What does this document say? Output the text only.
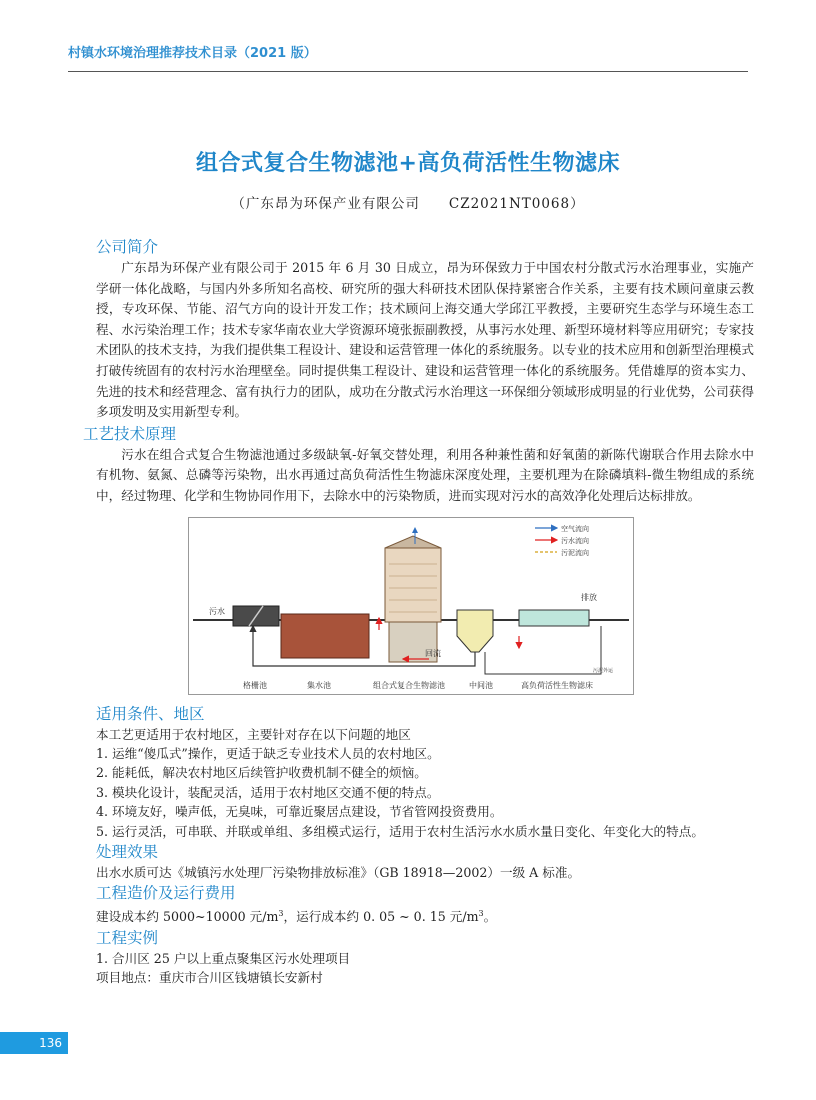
村镇水环境治理推荐技术目录（2021 版）
组合式复合生物滤池+高负荷活性生物滤床
（广东昂为环保产业有限公司　　CZ2021NT0068）
公司简介

广东昂为环保产业有限公司于 2015 年 6 月 30 日成立，昂为环保致力于中国农村分散式污水治理事业，实施产学研一体化战略，与国内外多所知名高校、研究所的强大科研技术团队保持紧密合作关系，主要有技术顾问童康云教授，专攻环保、节能、沼气方向的设计开发工作；技术顾问上海交通大学邱江平教授，主要研究生态学与环境生态工程、水污染治理工作；技术专家华南农业大学资源环境张振副教授，从事污水处理、新型环境材料等应用研究；专家技术团队的技术支持，为我们提供集工程设计、建设和运营管理一体化的系统服务。以专业的技术应用和创新型治理模式打破传统固有的农村污水治理壁垒。同时提供集工程设计、建设和运营管理一体化的系统服务。凭借雄厚的资本实力、先进的技术和经营理念、富有执行力的团队，成功在分散式污水治理这一环保细分领域形成明显的行业优势，公司获得多项发明及实用新型专利。

工艺技术原理

污水在组合式复合生物滤池通过多级缺氧-好氧交替处理，利用各种兼性菌和好氧菌的新陈代谢联合作用去除水中有机物、氨氮、总磷等污染物，出水再通过高负荷活性生物滤床深度处理，主要机理为在除磷填料-微生物组成的系统中，经过物理、化学和生物协同作用下，去除水中的污染物质，进而实现对污水的高效净化处理后达标排放。

空气流向
污水流向
污泥流向
污水
排放
回流
污泥外运
格栅池	集水池	组合式复合生物滤池	中间池	高负荷活性生物滤床
适用条件、地区
本工艺更适用于农村地区，主要针对存在以下问题的地区
1. 运维“傻瓜式”操作，更适于缺乏专业技术人员的农村地区。
2. 能耗低，解决农村地区后续管护收费机制不健全的烦恼。
3. 模块化设计，装配灵活，适用于农村地区交通不便的特点。
4. 环境友好，噪声低，无臭味，可靠近聚居点建设，节省管网投资费用。
5. 运行灵活，可串联、并联或单组、多组模式运行，适用于农村生活污水水质水量日变化、年变化大的特点。
处理效果
出水水质可达《城镇污水处理厂污染物排放标准》（GB 18918—2002）一级 A 标准。
工程造价及运行费用
建设成本约 5000~10000 元$/m^3$，运行成本约 0. 05 ~ 0. 15 元$/m^3$。
工程实例
1. 合川区 25 户以上重点聚集区污水处理项目
项目地点：重庆市合川区钱塘镇长安新村
136
